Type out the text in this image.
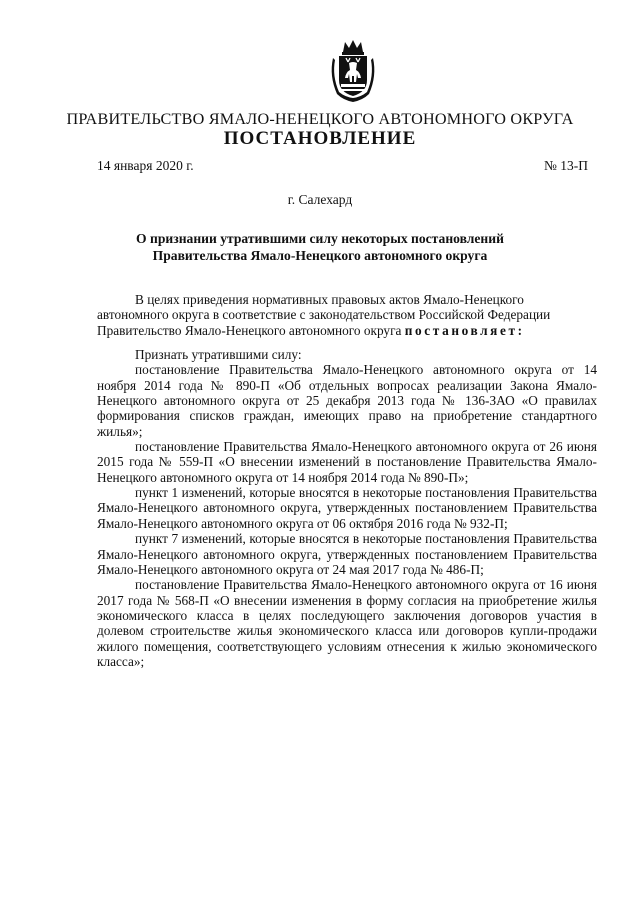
ПРАВИТЕЛЬСТВО ЯМАЛО-НЕНЕЦКОГО АВТОНОМНОГО ОКРУГА
ПОСТАНОВЛЕНИЕ
14 января 2020 г.	№ 13-П
г. Салехард
О признании утратившими силу некоторых постановлений
Правительства Ямало-Ненецкого автономного округа

В целях приведения нормативных правовых актов Ямало-Ненецкого

автономного округа в соответствие с законодательством Российской Федерации

Правительство Ямало-Ненецкого автономного округа постановляет:

Признать утратившими силу:

постановление Правительства Ямало-Ненецкого автономного округа от 14 ноября 2014 года № 890-П «Об отдельных вопросах реализации Закона Ямало-Ненецкого автономного округа от 25 декабря 2013 года № 136-ЗАО «О правилах формирования списков граждан, имеющих право на приобретение стандартного жилья»;

постановление Правительства Ямало-Ненецкого автономного округа от 26 июня 2015 года № 559-П «О внесении изменений в постановление Правительства Ямало-Ненецкого автономного округа от 14 ноября 2014 года № 890-П»;

пункт 1 изменений, которые вносятся в некоторые постановления Правительства Ямало-Ненецкого автономного округа, утвержденных постановлением Правительства Ямало-Ненецкого автономного округа от 06 октября 2016 года № 932-П;

пункт 7 изменений, которые вносятся в некоторые постановления Правительства Ямало-Ненецкого автономного округа, утвержденных постановлением Правительства Ямало-Ненецкого автономного округа от 24 мая 2017 года № 486-П;

постановление Правительства Ямало-Ненецкого автономного округа от 16 июня 2017 года № 568-П «О внесении изменения в форму согласия на приобретение жилья экономического класса в целях последующего заключения договоров участия в долевом строительстве жилья экономического класса или договоров купли-продажи жилого помещения, соответствующего условиям отнесения к жилью экономического класса»;
